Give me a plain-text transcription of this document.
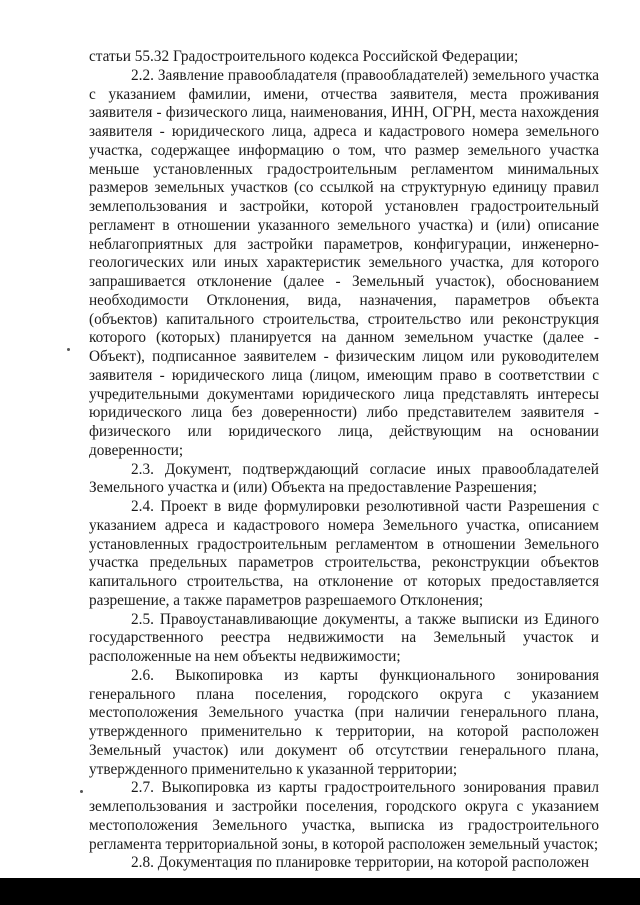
статьи 55.32 Градостроительного кодекса Российской Федерации;

2.2. Заявление правообладателя (правообладателей) земельного участка с указанием фамилии, имени, отчества заявителя, места проживания заявителя - физического лица, наименования, ИНН, ОГРН, места нахождения заявителя - юридического лица, адреса и кадастрового номера земельного участка, содержащее информацию о том, что размер земельного участка меньше установленных градостроительным регламентом минимальных размеров земельных участков (со ссылкой на структурную единицу правил землепользования и застройки, которой установлен градостроительный регламент в отношении указанного земельного участка) и (или) описание неблагоприятных для застройки параметров, конфигурации, инженерно-геологических или иных характеристик земельного участка, для которого запрашивается отклонение (далее - Земельный участок), обоснованием необходимости Отклонения, вида, назначения, параметров объекта (объектов) капитального строительства, строительство или реконструкция которого (которых) планируется на данном земельном участке (далее - Объект), подписанное заявителем - физическим лицом или руководителем заявителя - юридического лица (лицом, имеющим право в соответствии с учредительными документами юридического лица представлять интересы юридического лица без доверенности) либо представителем заявителя - физического или юридического лица, действующим на основании доверенности;

2.3. Документ, подтверждающий согласие иных правообладателей Земельного участка и (или) Объекта на предоставление Разрешения;

2.4. Проект в виде формулировки резолютивной части Разрешения с указанием адреса и кадастрового номера Земельного участка, описанием установленных градостроительным регламентом в отношении Земельного участка предельных параметров строительства, реконструкции объектов капитального строительства, на отклонение от которых предоставляется разрешение, а также параметров разрешаемого Отклонения;

2.5. Правоустанавливающие документы, а также выписки из Единого государственного реестра недвижимости на Земельный участок и расположенные на нем объекты недвижимости;

2.6. Выкопировка из карты функционального зонирования генерального плана поселения, городского округа с указанием местоположения Земельного участка (при наличии генерального плана, утвержденного применительно к территории, на которой расположен Земельный участок) или документ об отсутствии генерального плана, утвержденного применительно к указанной территории;

2.7. Выкопировка из карты градостроительного зонирования правил землепользования и застройки поселения, городского округа с указанием местоположения Земельного участка, выписка из градостроительного регламента территориальной зоны, в которой расположен земельный участок;

2.8. Документация по планировке территории, на которой расположен
